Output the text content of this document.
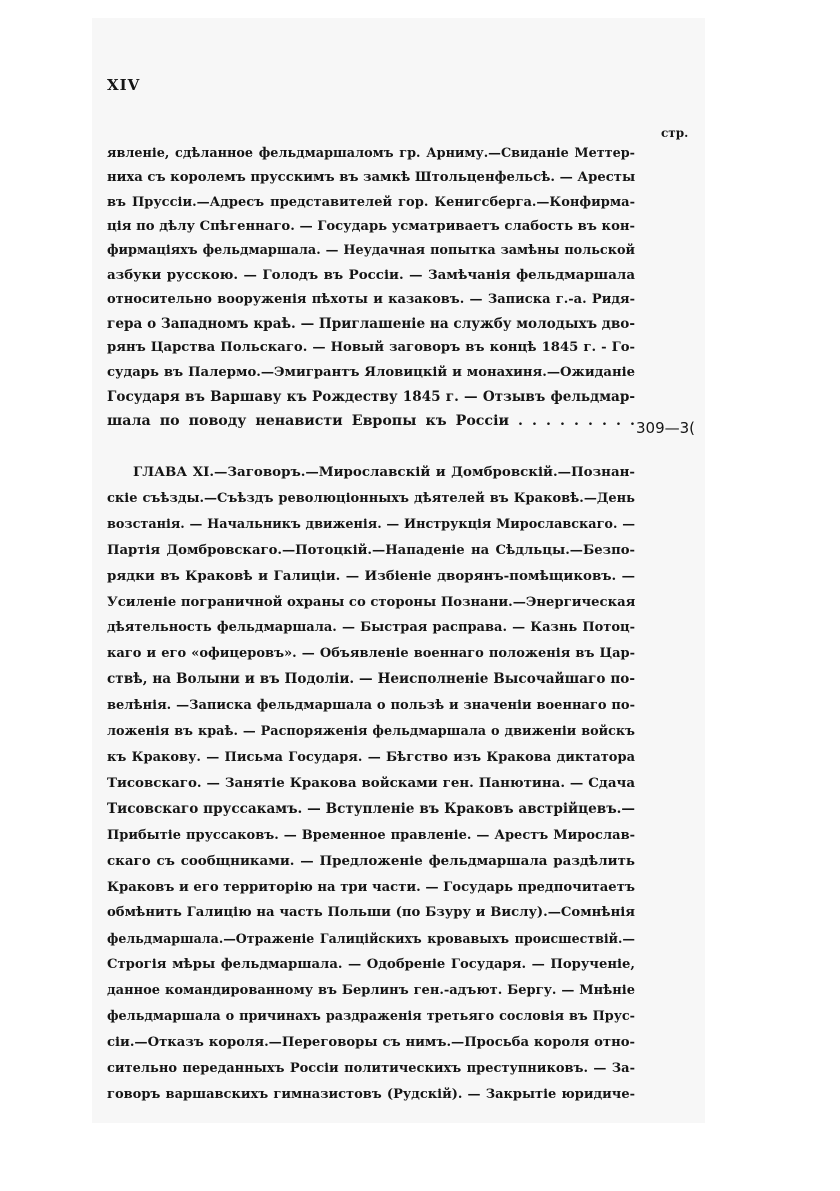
XIV
стр.
явленіе, сдѣланное фельдмаршаломъ гр. Арниму.—Свиданіе Меттер-
ниха съ королемъ прусскимъ въ замкѣ Штольценфельсѣ. — Аресты
въ Пруссіи.—Адресъ представителей гор. Кенигсберга.—Конфирма-
ція по дѣлу Спѣгеннаго. — Государь усматриваетъ слабость въ кон-
фирмаціяхъ фельдмаршала. — Неудачная попытка замѣны польской
азбуки русскою. — Голодъ въ Россіи. — Замѣчанія фельдмаршала
относительно вооруженія пѣхоты и казаковъ. — Записка г.-а. Ридя-
гера о Западномъ краѣ. — Приглашеніе на службу молодыхъ дво-
рянъ Царства Польскаго. — Новый заговоръ въ концѣ 1845 г. - Го-
сударь въ Палермо.—Эмигрантъ Яловицкій и монахиня.—Ожиданіе
Государя въ Варшаву къ Рождеству 1845 г. — Отзывъ фельдмар-
шала по поводу ненависти Европы къ Россіи . . . . . . . . . 309—3(
ГЛАВА XI.—Заговоръ.—Мирославскій и Домбровскій.—Познан-
скіе съѣзды.—Съѣздъ революціонныхъ дѣятелей въ Краковѣ.—День
возстанія. — Начальникъ движенія. — Инструкція Мирославскаго. —
Партія Домбровскаго.—Потоцкій.—Нападеніе на Сѣдльцы.—Безпо-
рядки въ Краковѣ и Галиціи. — Избіеніе дворянъ-помѣщиковъ. —
Усиленіе пограничной охраны со стороны Познани.—Энергическая
дѣятельность фельдмаршала. — Быстрая расправа. — Казнь Потоц-
каго и его «офицеровъ». — Объявленіе военнаго положенія въ Цар-
ствѣ, на Волыни и въ Подоліи. — Неисполненіе Высочайшаго по-
велѣнія. —Записка фельдмаршала о пользѣ и значеніи военнаго по-
ложенія въ краѣ. — Распоряженія фельдмаршала о движеніи войскъ
къ Кракову. — Письма Государя. — Бѣгство изъ Кракова диктатора
Тисовскаго. — Занятіе Кракова войсками ген. Панютина. — Сдача
Тисовскаго пруссакамъ. — Вступленіе въ Краковъ австрійцевъ.—
Прибытіе пруссаковъ. — Временное правленіе. — Арестъ Мирослав-
скаго съ сообщниками. — Предложеніе фельдмаршала раздѣлить
Краковъ и его территорію на три части. — Государь предпочитаетъ
обмѣнить Галицію на часть Польши (по Бзуру и Вислу).—Сомнѣнія
фельдмаршала.—Отраженіе Галиційскихъ кровавыхъ происшествій.—
Строгія мѣры фельдмаршала. — Одобреніе Государя. — Порученіе,
данное командированному въ Берлинъ ген.-адъют. Бергу. — Мнѣніе
фельдмаршала о причинахъ раздраженія третьяго сословія въ Прус-
сіи.—Отказъ короля.—Переговоры съ нимъ.—Просьба короля отно-
сительно переданныхъ Россіи политическихъ преступниковъ. — За-
говоръ варшавскихъ гимназистовъ (Рудскій). — Закрытіе юридиче-
